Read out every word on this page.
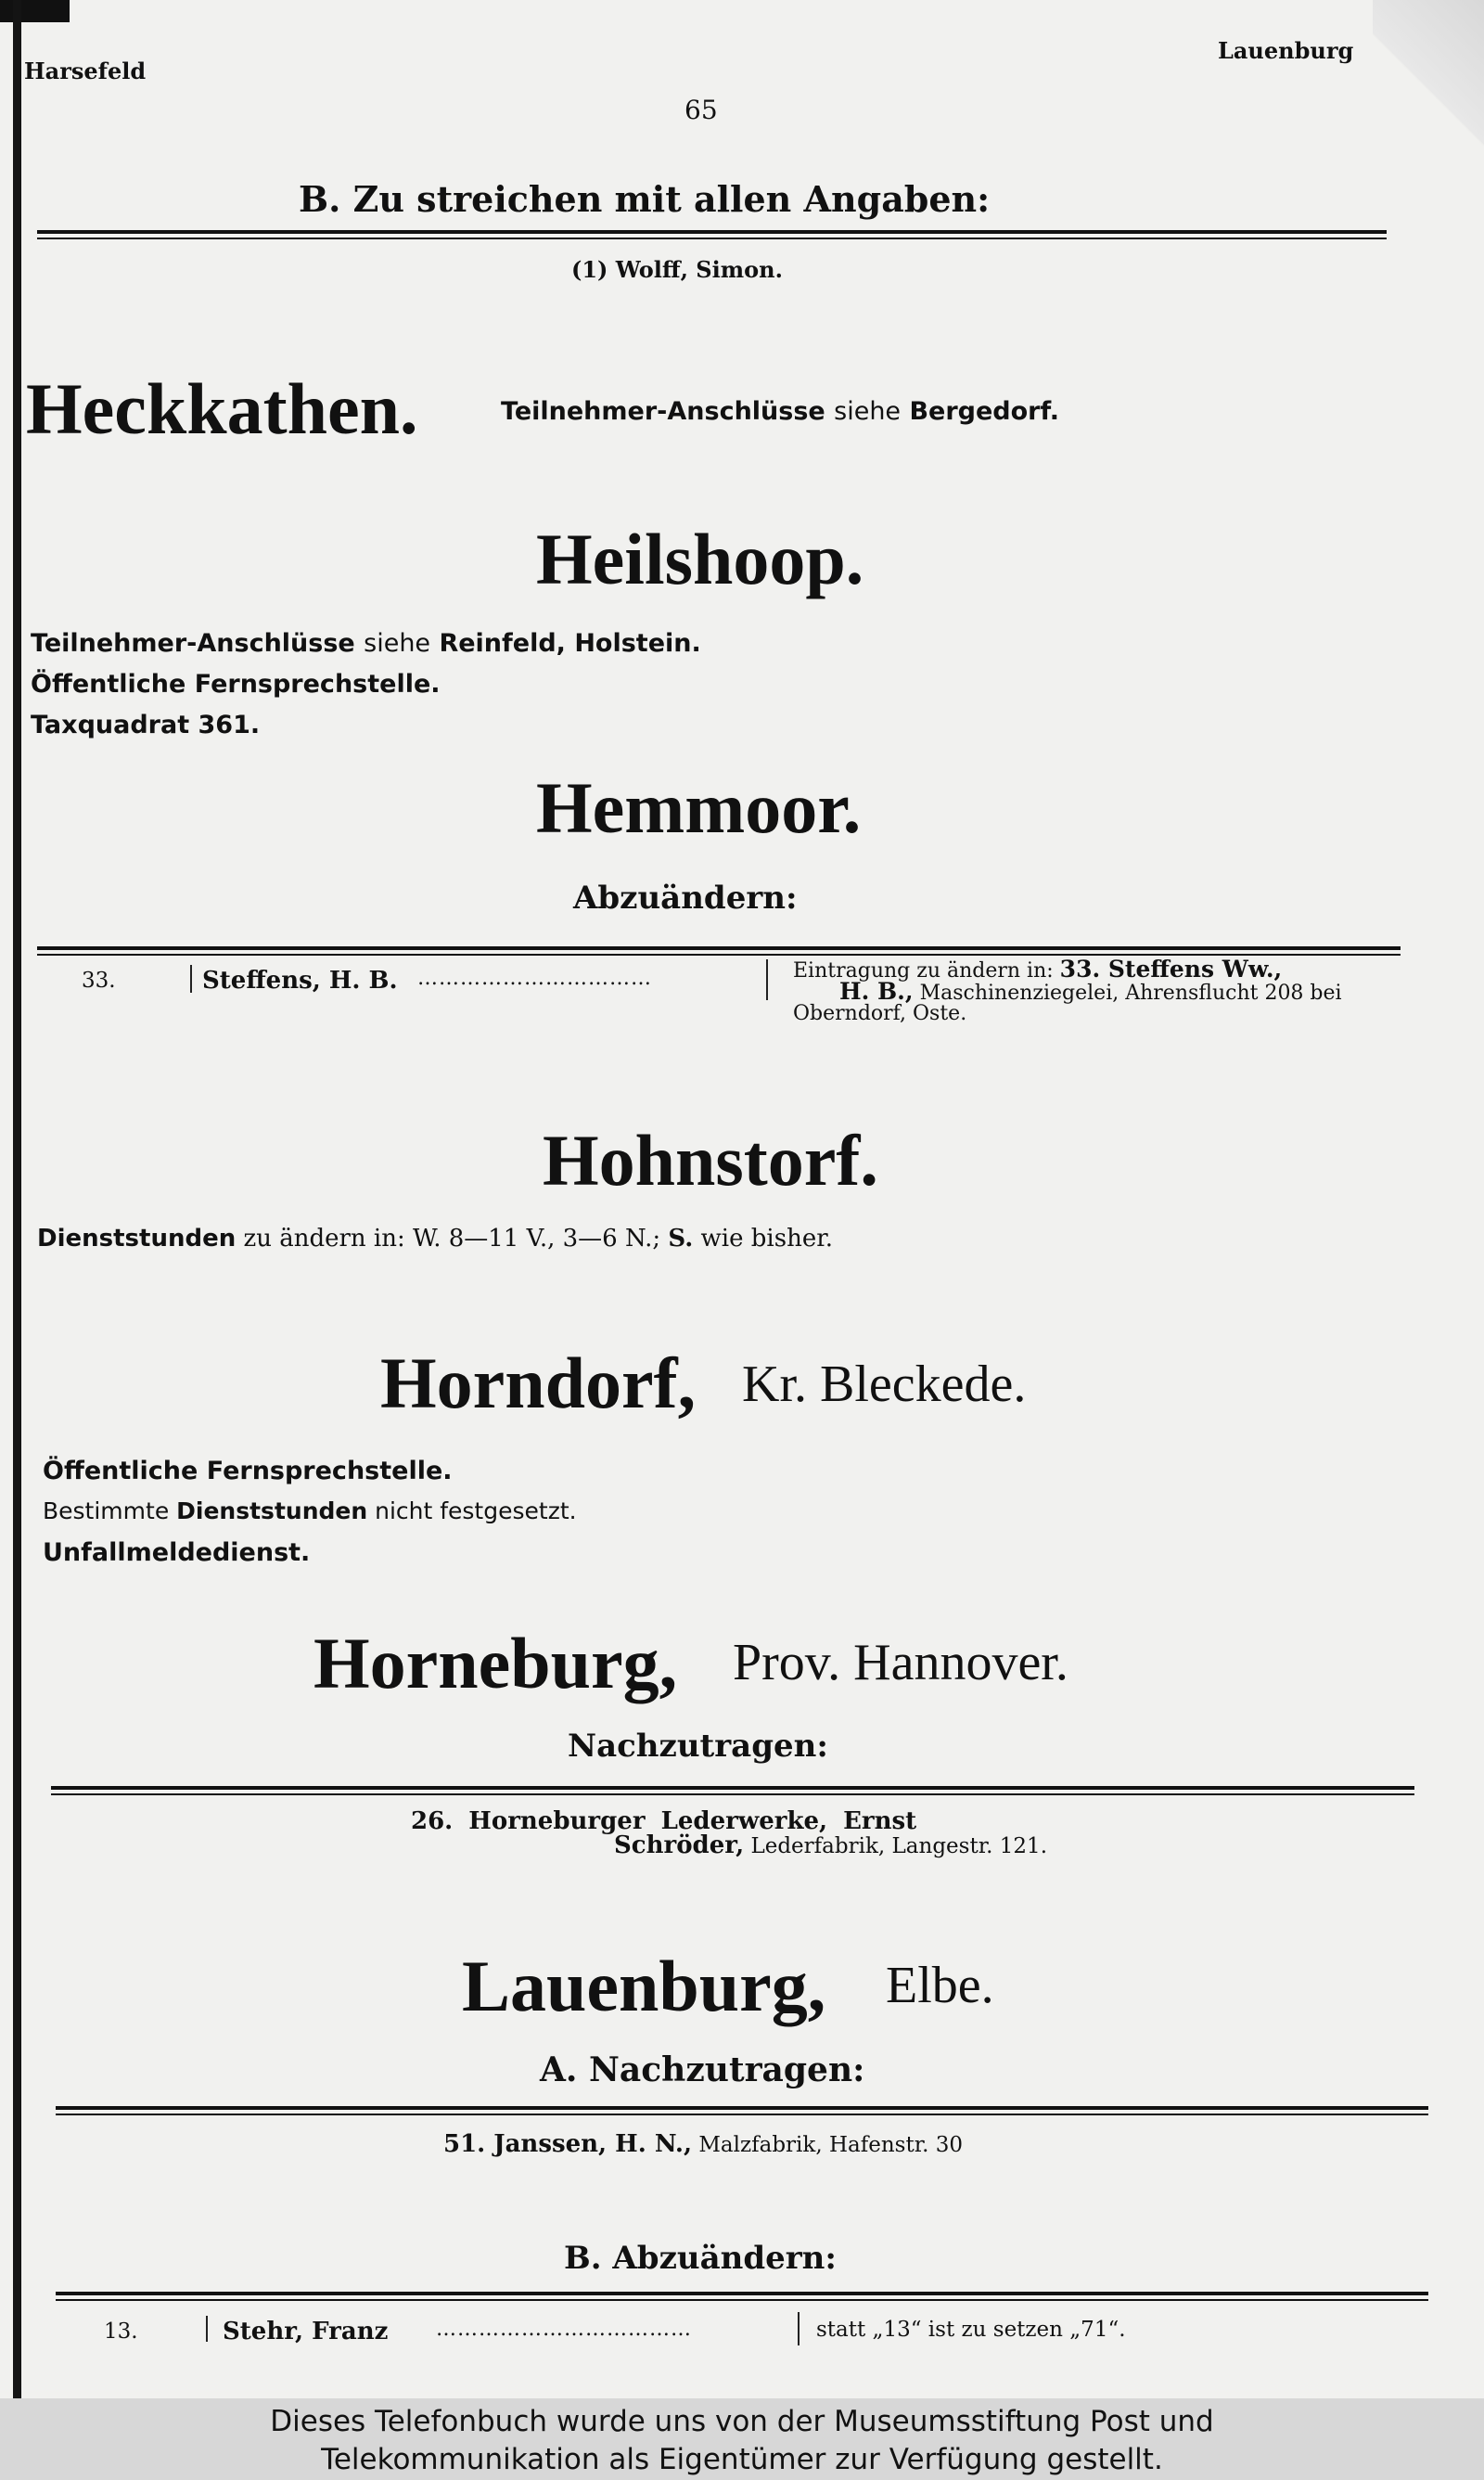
Harsefeld
65
Lauenburg
B. Zu streichen mit allen Angaben:
(1) Wolff, Simon.
Heckkathen.	Teilnehmer-Anschlüsse siehe Bergedorf.
Heilshoop.
Teilnehmer-Anschlüsse siehe Reinfeld, Holstein.
Öffentliche Fernsprechstelle.
Taxquadrat 361.
Hemmoor.
Abzuändern:
33.	Steffens, H. B. ……………………………	Eintragung zu ändern in: 33. Steffens Ww.,
H. B., Maschinenziegelei, Ahrensflucht 208 bei
Oberndorf, Oste.
Hohnstorf.
Dienststunden zu ändern in: W. 8—11 V., 3—6 N.; S. wie bisher.
Horndorf, Kr. Bleckede.
Öffentliche Fernsprechstelle.
Bestimmte Dienststunden nicht festgesetzt.
Unfallmeldedienst.
Horneburg, Prov. Hannover.
Nachzutragen:
26. Horneburger Lederwerke, Ernst
Schröder, Lederfabrik, Langestr. 121.
Lauenburg, Elbe.
A. Nachzutragen:
51. Janssen, H. N., Malzfabrik, Hafenstr. 30
B. Abzuändern:
13.	Stehr, Franz ………………………………	statt „13“ ist zu setzen „71“.
Dieses Telefonbuch wurde uns von der Museumsstiftung Post und
Telekommunikation als Eigentümer zur Verfügung gestellt.
